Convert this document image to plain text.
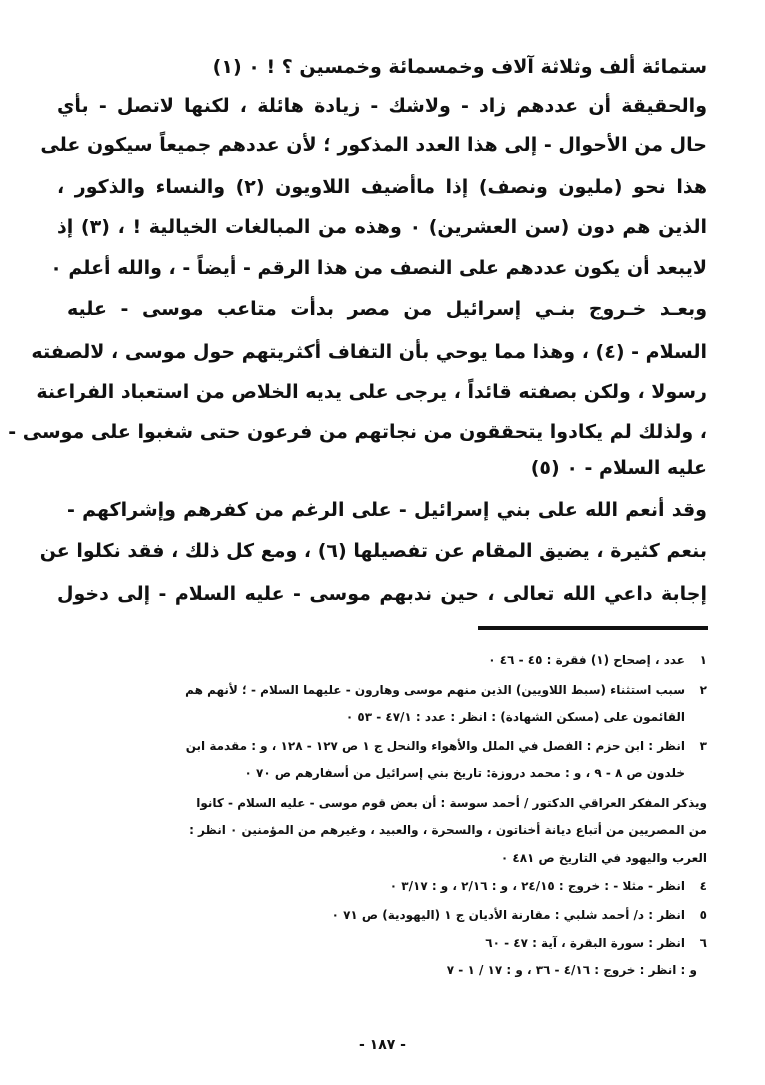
ستمائة ألف وثلاثة آلاف وخمسمائة وخمسين ؟ ! ٠ (١)
والحقيقة أن عددهم زاد - ولاشك - زيادة هائلة ، لكنها لاتصل - بأي
حال من الأحوال - إلى هذا العدد المذكور ؛ لأن عددهم جميعاً سيكون على
هذا نحو (مليون ونصف) إذا ماأضيف اللاويون (٢) والنساء والذكور ،
الذين هم دون (سن العشرين) ٠ وهذه من المبالغات الخيالية ! ، (٣) إذ
لايبعد أن يكون عددهم على النصف من هذا الرقم - أيضاً - ، والله أعلم ٠
وبعـد خـروج بنـي إسرائيل من مصر بدأت متاعب موسى - عليه
السلام - (٤) ، وهذا مما يوحي بأن التفاف أكثريتهم حول موسى ، لالصفته
رسولا ، ولكن بصفته قائداً ، يرجى على يديه الخلاص من استعباد الفراعنة
، ولذلك لم يكادوا يتحققون من نجاتهم من فرعون حتى شغبوا على موسى -
عليه السلام - ٠ (٥)
وقد أنعم الله على بني إسرائيل - على الرغم من كفرهم وإشراكهم -
بنعم كثيرة ، يضيق المقام عن تفصيلها (٦) ، ومع كل ذلك ، فقد نكلوا عن
إجابة داعي الله تعالى ، حين ندبهم موسى - عليه السلام - إلى دخول
١
عدد ، إصحاح (١) فقرة : ٤٥ - ٤٦ ٠
٢
سبب استثناء (سبط اللاويين) الذين منهم موسى وهارون - عليهما السلام - ؛ لأنهم هم
القائمون على (مسكن الشهادة) : انظر : عدد : ٤٧/١ - ٥٣ ٠
٣
انظر : ابن حزم : الفصل في الملل والأهواء والنحل ج ١ ص ١٢٧ - ١٢٨ ، و : مقدمة ابن
خلدون ص ٨ - ٩ ، و : محمد دروزة: تاريخ بني إسرائيل من أسفارهم ص ٧٠ ٠
ويذكر المفكر العراقي الدكتور / أحمد سوسة : أن بعض قوم موسى - عليه السلام - كانوا
من المصريين من أتباع ديانة أخناتون ، والسحرة ، والعبيد ، وغيرهم من المؤمنين ٠ انظر :
العرب واليهود في التاريخ ص ٤٨١ ٠
٤
انظر - مثلا - : خروج : ٢٤/١٥ ، و : ٢/١٦ ، و : ٣/١٧ ٠
٥
انظر : د/ أحمد شلبي : مقارنة الأديان ج ١ (اليهودية) ص ٧١ ٠
٦
انظر : سورة البقرة ، آية : ٤٧ - ٦٠
و : انظر : خروج : ٤/١٦ - ٣٦ ، و : ١٧ / ١ - ٧
- ١٨٧ -
